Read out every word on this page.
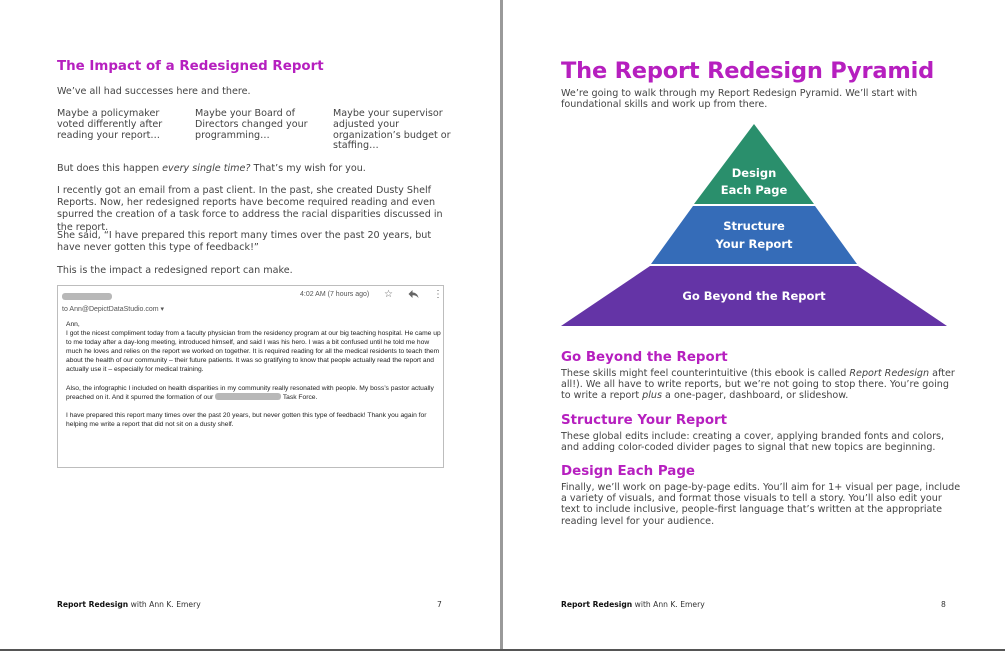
The Impact of a Redesigned Report
We’ve all had successes here and there.
Maybe a policymaker voted differently after reading your report…
Maybe your Board of Directors changed your programming…
Maybe your supervisor adjusted your organization’s budget or staffing…
But does this happen every single time? That’s my wish for you.
I recently got an email from a past client. In the past, she created Dusty Shelf Reports. Now, her redesigned reports have become required reading and even spurred the creation of a task force to address the racial disparities discussed in the report.
She said, “I have prepared this report many times over the past 20 years, but have never gotten this type of feedback!”
This is the impact a redesigned report can make.
4:02 AM (7 hours ago) ☆	⋮
to Ann@DepictDataStudio.com ▾

Ann,

I got the nicest compliment today from a faculty physician from the residency program at our big teaching hospital. He came up to me today after a day-long meeting, introduced himself, and said I was his hero. I was a bit confused until he told me how much he loves and relies on the report we worked on together. It is required reading for all the medical residents to teach them about the health of our community – their future patients. It was so gratifying to know that people actually read the report and actually use it – especially for medical training.

Also, the infographic I included on health disparities in my community really resonated with people. My boss’s pastor actually preached on it. And it spurred the formation of our	Task Force.

I have prepared this report many times over the past 20 years, but never gotten this type of feedback! Thank you again for helping me write a report that did not sit on a dusty shelf.

Report Redesign with Ann K. Emery	7
The Report Redesign Pyramid
We’re going to walk through my Report Redesign Pyramid. We’ll start with foundational skills and work up from there.
Design
Each Page
Structure
Your Report
Go Beyond the Report
Go Beyond the Report
These skills might feel counterintuitive (this ebook is called Report Redesign after all!). We all have to write reports, but we’re not going to stop there. You’re going to write a report plus a one-pager, dashboard, or slideshow.
Structure Your Report
These global edits include: creating a cover, applying branded fonts and colors, and adding color-coded divider pages to signal that new topics are beginning.
Design Each Page
Finally, we’ll work on page-by-page edits. You’ll aim for 1+ visual per page, include a variety of visuals, and format those visuals to tell a story. You’ll also edit your text to include inclusive, people-first language that’s written at the appropriate reading level for your audience.
Report Redesign with Ann K. Emery	8
